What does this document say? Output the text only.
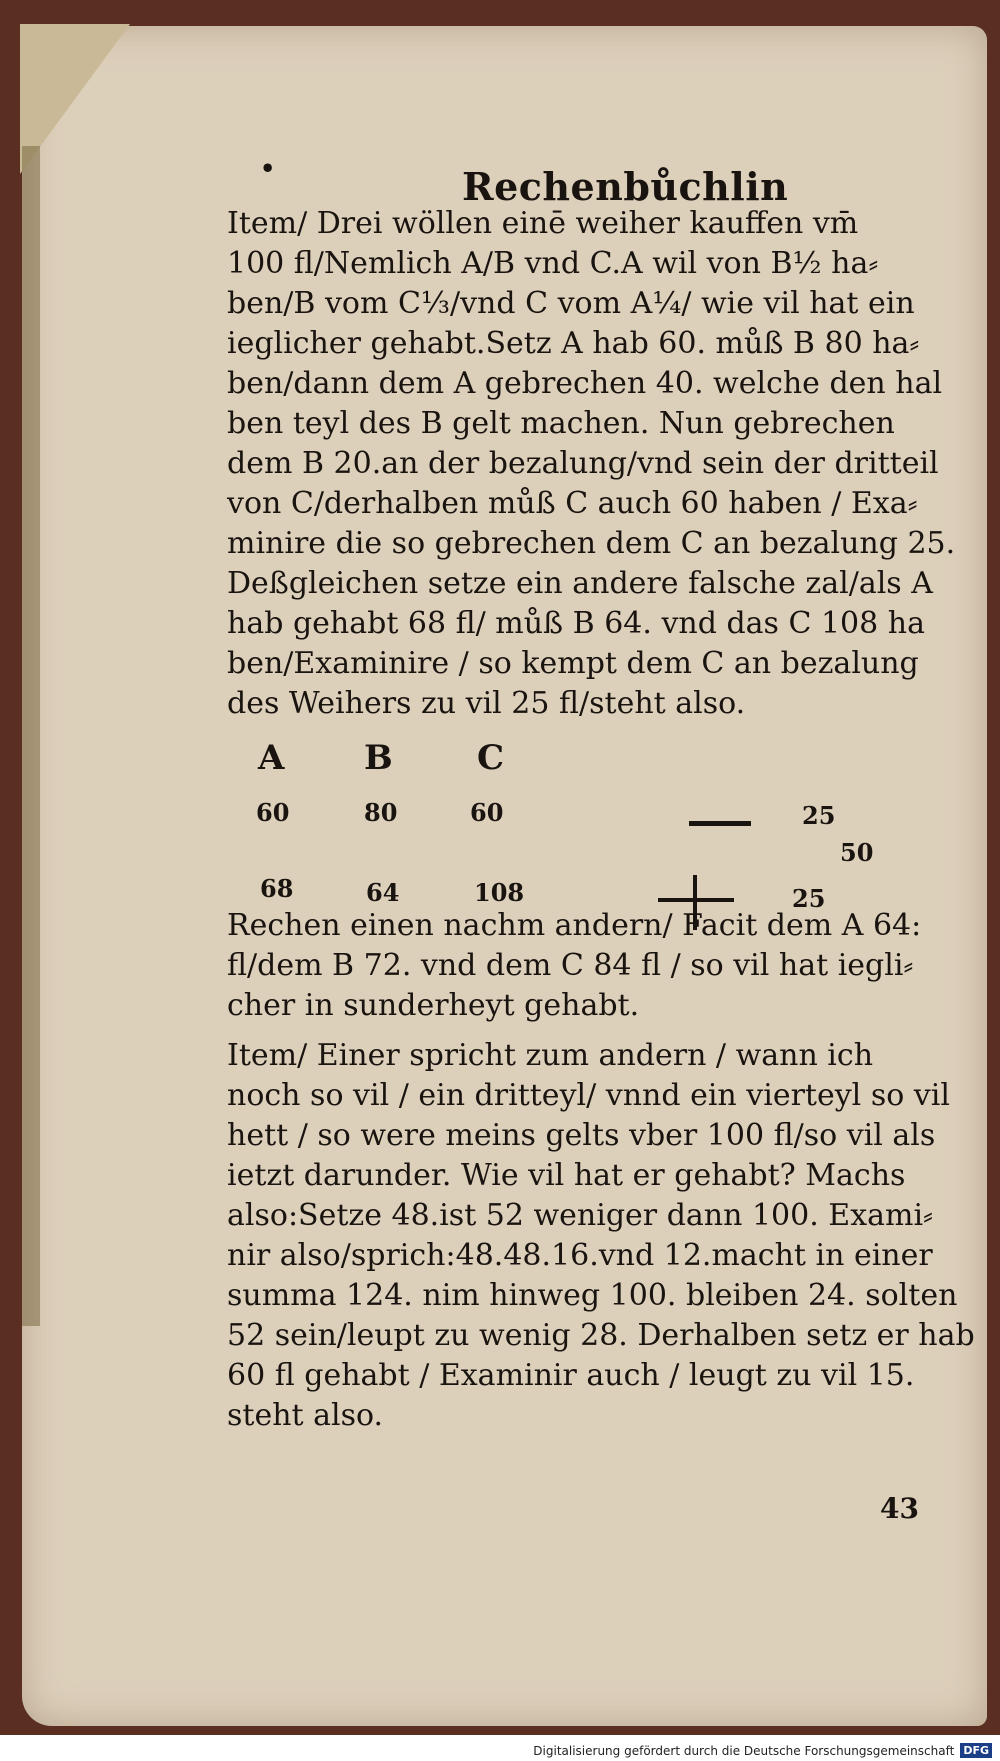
•	Rechenbůchlin

Item/ Drei wöllen einē weiher kauffen vm̄
100 fl/Nemlich A/B vnd C.A wil von B½ ha⸗
ben/B vom C⅓/vnd C vom A¼/ wie vil hat ein
ieglicher gehabt.Setz A hab 60. můß B 80 ha⸗
ben/dann dem A gebrechen 40. welche den hal
ben teyl des B gelt machen. Nun gebrechen
dem B 20.an der bezalung/vnd sein der dritteil
von C/derhalben můß C auch 60 haben / Exa⸗
minire die so gebrechen dem C an bezalung 25.
Deßgleichen setze ein andere falsche zal/als A
hab gehabt 68 fl/ můß B 64. vnd das C 108 ha
ben/Examinire / so kempt dem C an bezalung
des Weihers zu vil 25 fl/steht also.

A B C
60	80	60	25
50
68	64	108	25

Rechen einen nachm andern/ Facit dem A 64:
fl/dem B 72. vnd dem C 84 fl / so vil hat iegli⸗
cher in sunderheyt gehabt.

Item/ Einer spricht zum andern / wann ich
noch so vil / ein dritteyl/ vnnd ein vierteyl so vil
hett / so were meins gelts vber 100 fl/so vil als
ietzt darunder. Wie vil hat er gehabt? Machs
also:Setze 48.ist 52 weniger dann 100. Exami⸗
nir also/sprich:48.48.16.vnd 12.macht in einer
summa 124. nim hinweg 100. bleiben 24. solten
52 sein/leupt zu wenig 28. Derhalben setz er hab
60 fl gehabt / Examinir auch / leugt zu vil 15.
steht also.

43
Digitalisierung gefördert durch die Deutsche Forschungsgemeinschaft DFG
